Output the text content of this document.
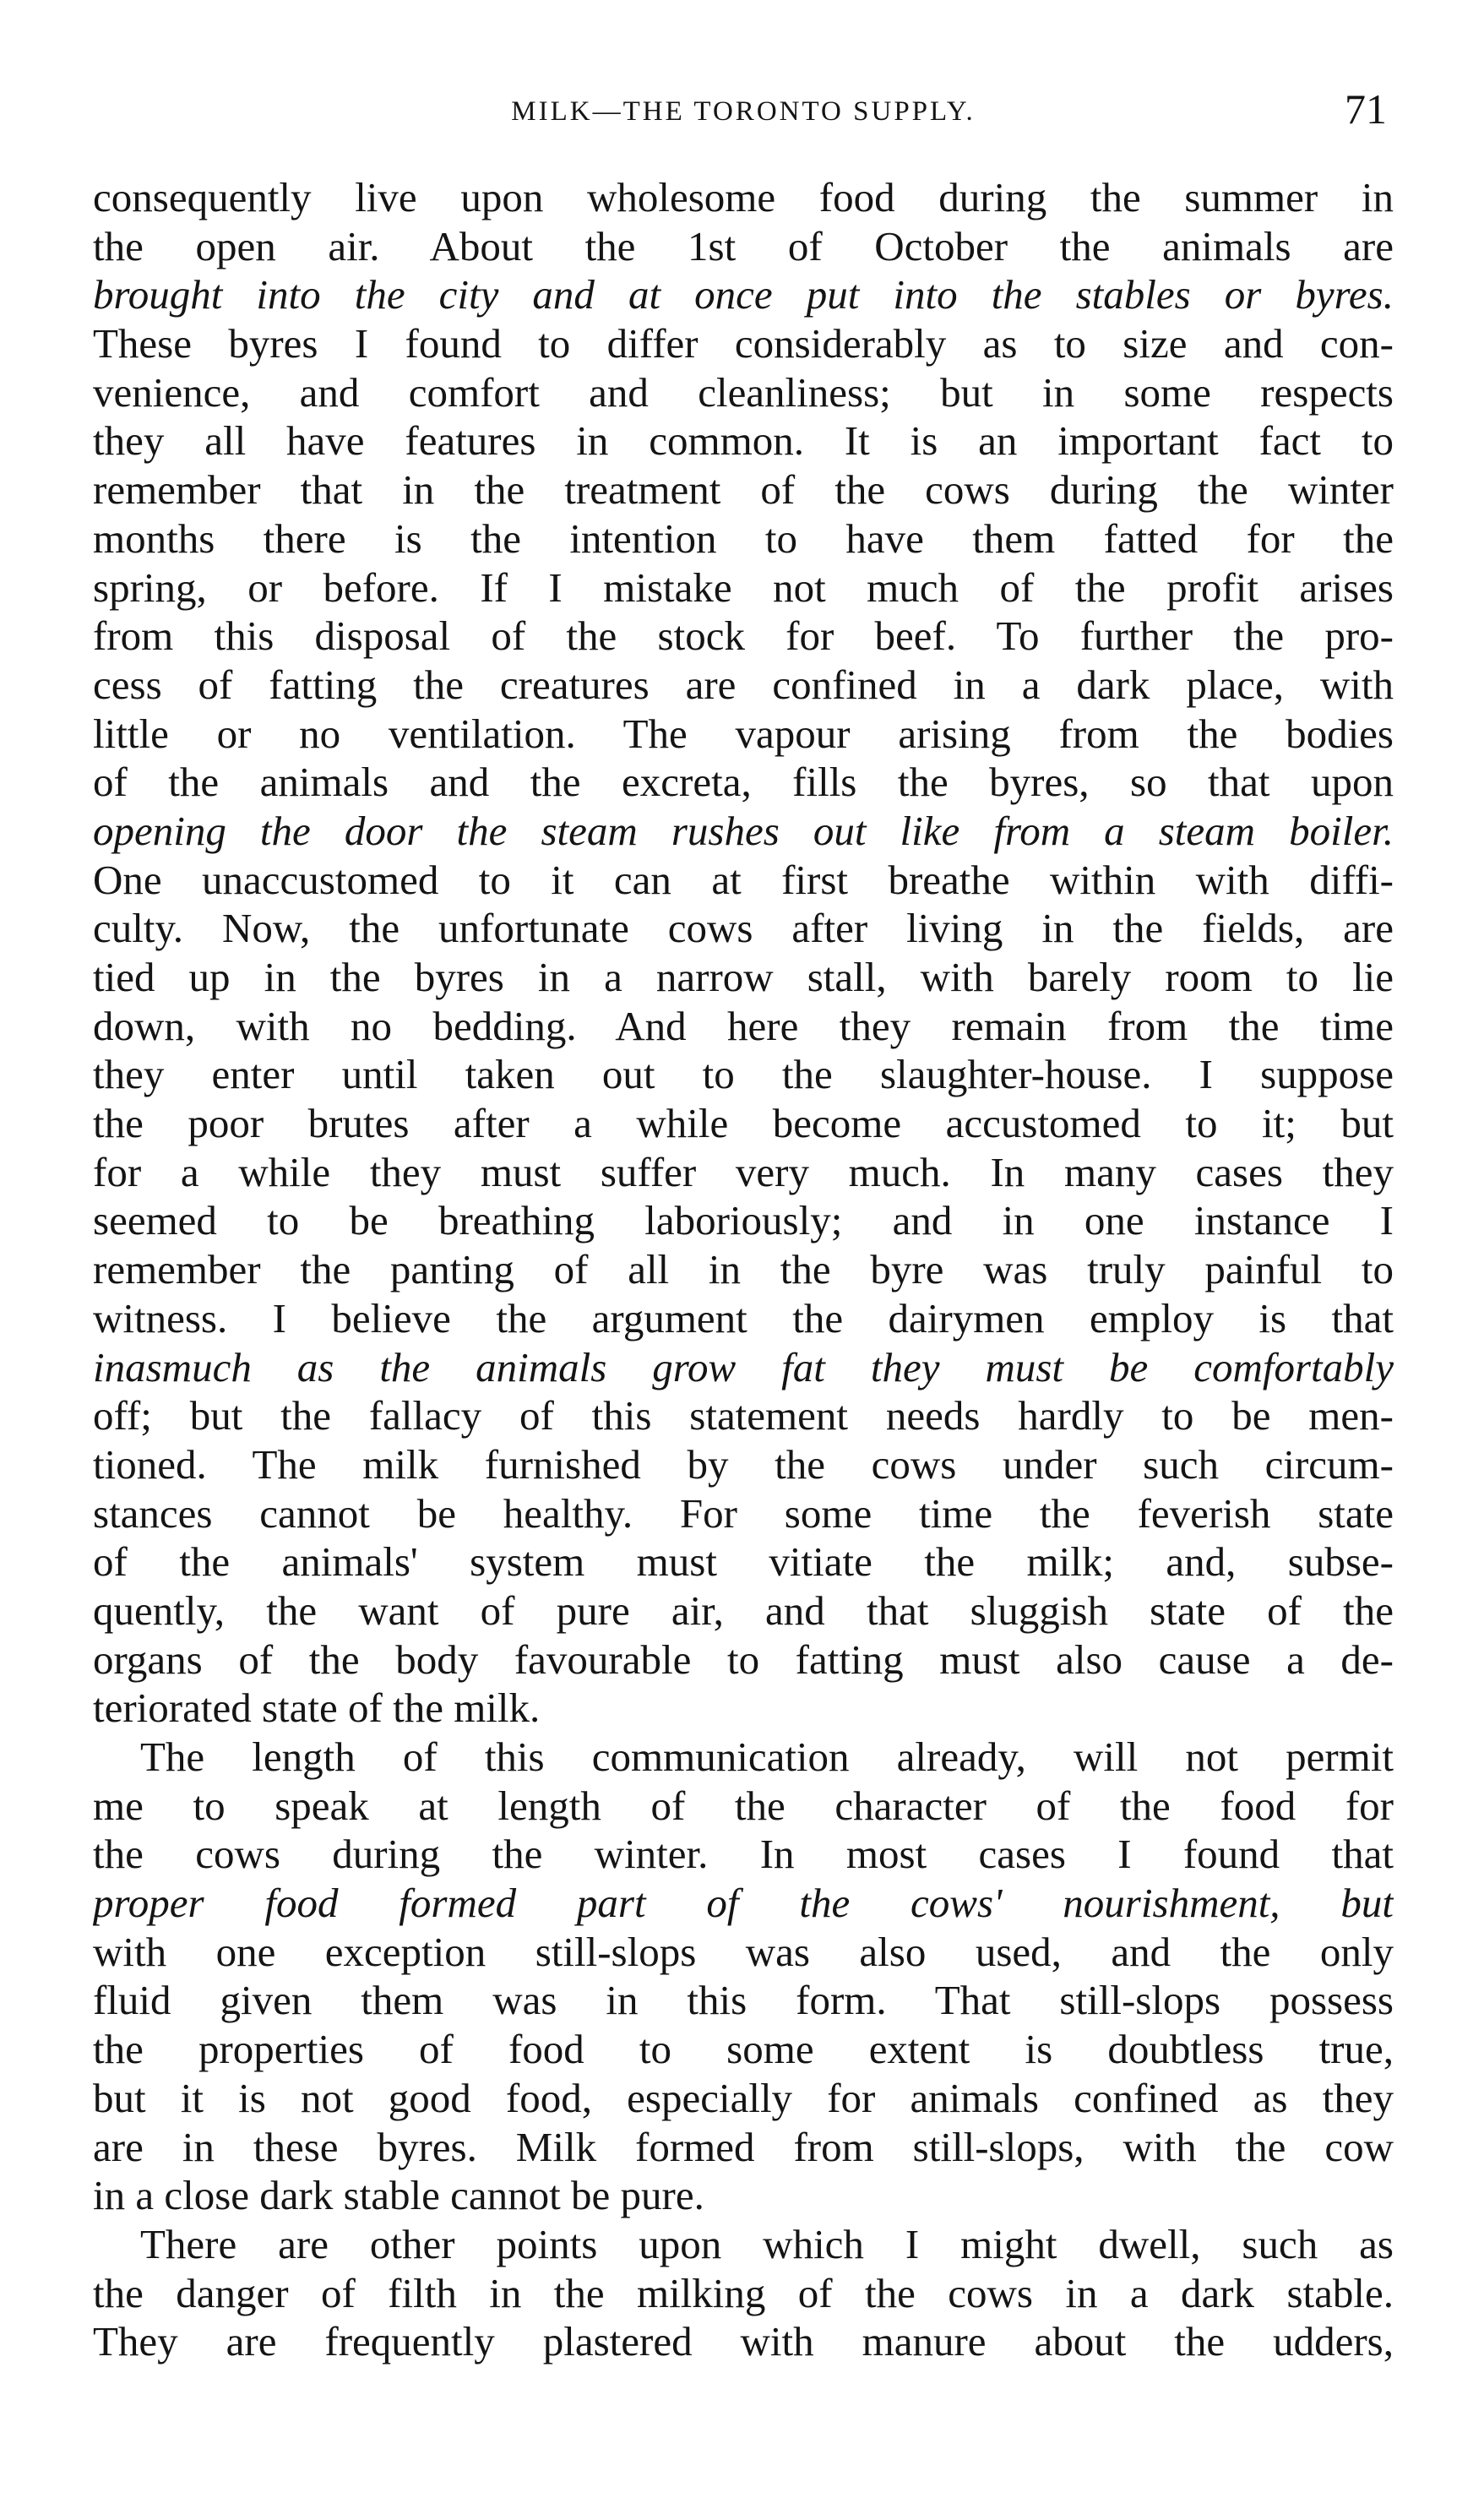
MILK—THE TORONTO SUPPLY.	71
consequently live upon wholesome food during the summer in
the open air. About the 1st of October the animals are
brought into the city and at once put into the stables or byres.
These byres I found to differ considerably as to size and con-
venience, and comfort and cleanliness; but in some respects
they all have features in common. It is an important fact to
remember that in the treatment of the cows during the winter
months there is the intention to have them fatted for the
spring, or before. If I mistake not much of the profit arises
from this disposal of the stock for beef. To further the pro-
cess of fatting the creatures are confined in a dark place, with
little or no ventilation. The vapour arising from the bodies
of the animals and the excreta, fills the byres, so that upon
opening the door the steam rushes out like from a steam boiler.
One unaccustomed to it can at first breathe within with diffi-
culty. Now, the unfortunate cows after living in the fields, are
tied up in the byres in a narrow stall, with barely room to lie
down, with no bedding. And here they remain from the time
they enter until taken out to the slaughter-house. I suppose
the poor brutes after a while become accustomed to it; but
for a while they must suffer very much. In many cases they
seemed to be breathing laboriously; and in one instance I
remember the panting of all in the byre was truly painful to
witness. I believe the argument the dairymen employ is that
inasmuch as the animals grow fat they must be comfortably
off; but the fallacy of this statement needs hardly to be men-
tioned. The milk furnished by the cows under such circum-
stances cannot be healthy. For some time the feverish state
of the animals' system must vitiate the milk; and, subse-
quently, the want of pure air, and that sluggish state of the
organs of the body favourable to fatting must also cause a de-
teriorated state of the milk.
The length of this communication already, will not permit
me to speak at length of the character of the food for
the cows during the winter. In most cases I found that
proper food formed part of the cows' nourishment, but
with one exception still-slops was also used, and the only
fluid given them was in this form. That still-slops possess
the properties of food to some extent is doubtless true,
but it is not good food, especially for animals confined as they
are in these byres. Milk formed from still-slops, with the cow
in a close dark stable cannot be pure.
There are other points upon which I might dwell, such as
the danger of filth in the milking of the cows in a dark stable.
They are frequently plastered with manure about the udders,
